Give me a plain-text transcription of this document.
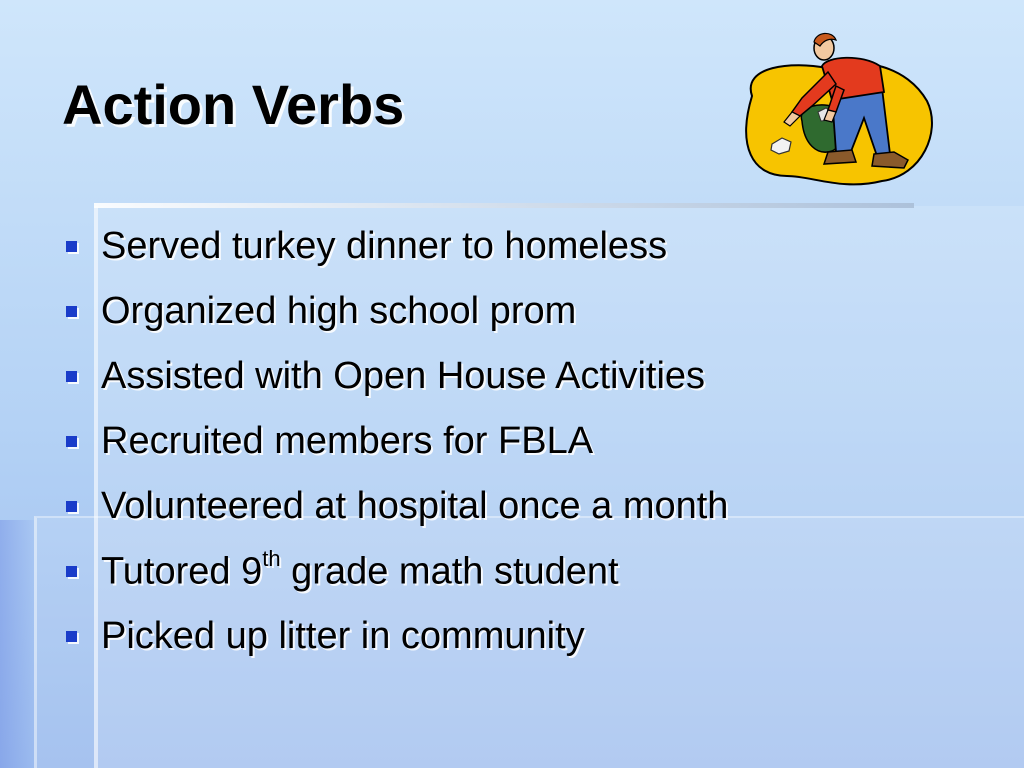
Action Verbs
Served turkey dinner to homeless
Organized high school prom
Assisted with Open House Activities
Recruited members for FBLA
Volunteered at hospital once a month
Tutored 9th grade math student
Picked up litter in community
